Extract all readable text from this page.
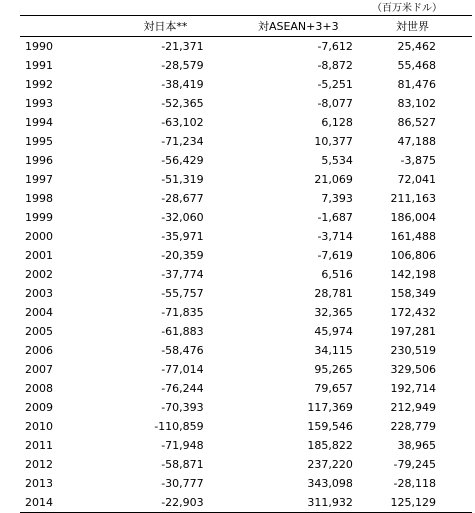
（百万米ドル）
	対日本**	対ASEAN+3+3	対世界
1990	-21,371	-7,612	25,462
1991	-28,579	-8,872	55,468
1992	-38,419	-5,251	81,476
1993	-52,365	-8,077	83,102
1994	-63,102	6,128	86,527
1995	-71,234	10,377	47,188
1996	-56,429	5,534	-3,875
1997	-51,319	21,069	72,041
1998	-28,677	7,393	211,163
1999	-32,060	-1,687	186,004
2000	-35,971	-3,714	161,488
2001	-20,359	-7,619	106,806
2002	-37,774	6,516	142,198
2003	-55,757	28,781	158,349
2004	-71,835	32,365	172,432
2005	-61,883	45,974	197,281
2006	-58,476	34,115	230,519
2007	-77,014	95,265	329,506
2008	-76,244	79,657	192,714
2009	-70,393	117,369	212,949
2010	-110,859	159,546	228,779
2011	-71,948	185,822	38,965
2012	-58,871	237,220	-79,245
2013	-30,777	343,098	-28,118
2014	-22,903	311,932	125,129
